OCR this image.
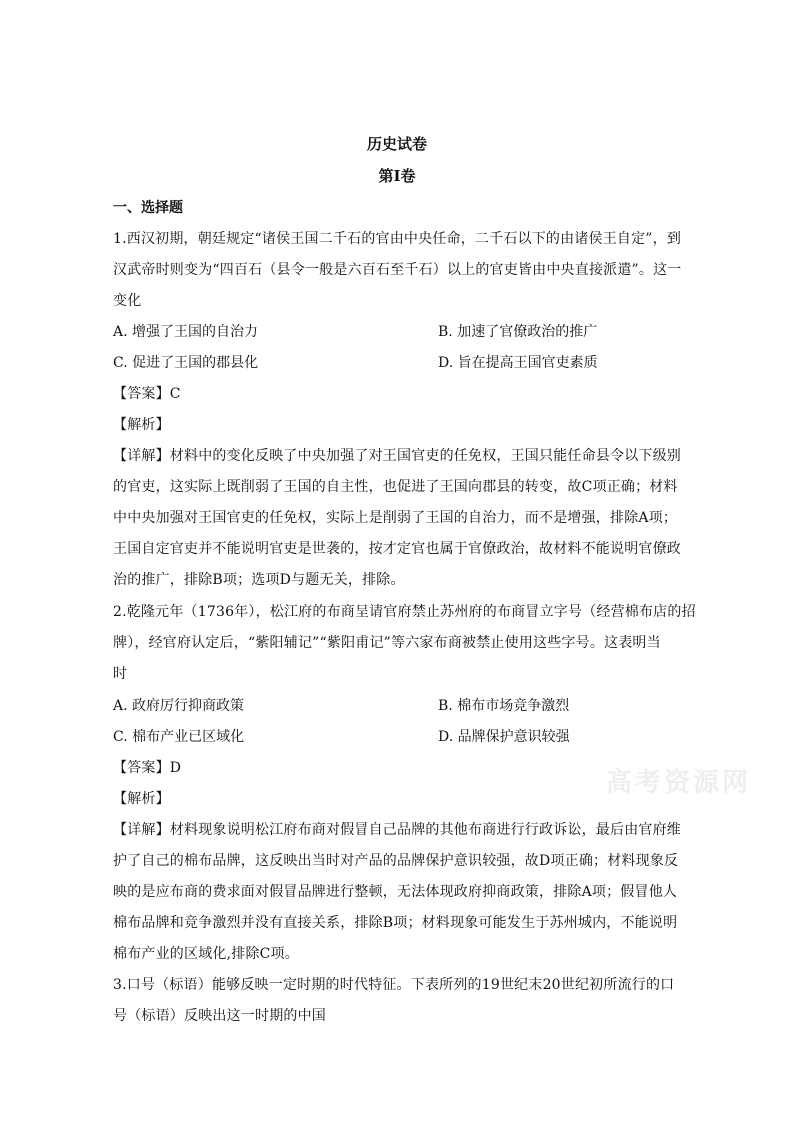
历史试卷
第I卷
一、选择题
1.西汉初期，朝廷规定“诸侯王国二千石的官由中央任命，二千石以下的由诸侯王自定”，到
汉武帝时则变为“四百石（县令一般是六百石至千石）以上的官吏皆由中央直接派遣”。这一
变化
A. 增强了王国的自治力	B. 加速了官僚政治的推广
C. 促进了王国的郡县化	D. 旨在提高王国官吏素质
【答案】C
【解析】
【详解】材料中的变化反映了中央加强了对王国官吏的任免权，王国只能任命县令以下级别
的官吏，这实际上既削弱了王国的自主性，也促进了王国向郡县的转变，故C项正确；材料
中中央加强对王国官吏的任免权，实际上是削弱了王国的自治力，而不是增强，排除A项；
王国自定官吏并不能说明官吏是世袭的，按才定官也属于官僚政治，故材料不能说明官僚政
治的推广，排除B项；选项D与题无关，排除。
2.乾隆元年（1736年），松江府的布商呈请官府禁止苏州府的布商冒立字号（经营棉布店的招
牌），经官府认定后，“紫阳辅记”“紫阳甫记”等六家布商被禁止使用这些字号。这表明当
时
A. 政府厉行抑商政策	B. 棉布市场竞争激烈
C. 棉布产业已区域化	D. 品牌保护意识较强
【答案】D
【解析】
【详解】材料现象说明松江府布商对假冒自己品牌的其他布商进行行政诉讼，最后由官府维
护了自己的棉布品牌，这反映出当时对产品的品牌保护意识较强，故D项正确；材料现象反
映的是应布商的费求面对假冒品牌进行整顿，无法体现政府抑商政策，排除A项；假冒他人
棉布品牌和竞争激烈并没有直接关系，排除B项；材料现象可能发生于苏州城内，不能说明
棉布产业的区域化,排除C项。
3.口号（标语）能够反映一定时期的时代特征。下表所列的19世纪末20世纪初所流行的口
号（标语）反映出这一时期的中国
高考资源网
